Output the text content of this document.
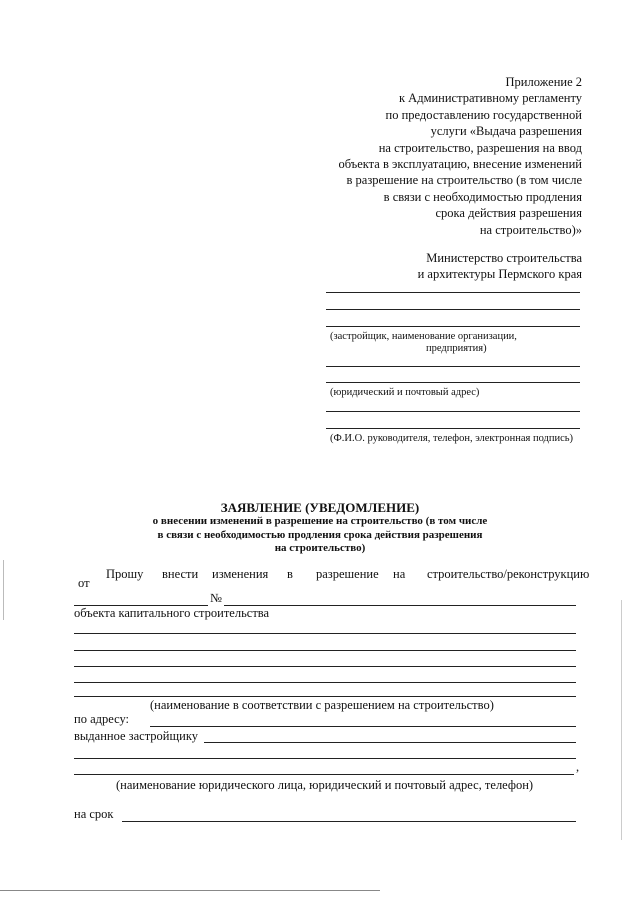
Приложение 2
к Административному регламенту
по предоставлению государственной
услуги «Выдача разрешения
на строительство, разрешения на ввод
объекта в эксплуатацию, внесение изменений
в разрешение на строительство (в том числе
в связи с необходимостью продления
срока действия разрешения
на строительство)»
Министерство строительства
и архитектуры Пермского края
(застройщик, наименование организации,
предприятия)
(юридический и почтовый адрес)
(Ф.И.О. руководителя, телефон, электронная подпись)
ЗАЯВЛЕНИЕ (УВЕДОМЛЕНИЕ)
о внесении изменений в разрешение на строительство (в том числе
в связи с необходимостью продления срока действия разрешения
на строительство)
Прошу внести изменения в разрешение на строительство/реконструкцию
от
№
объекта капитального строительства
(наименование в соответствии с разрешением на строительство)
по адресу:
выданное застройщику
,
(наименование юридического лица, юридический и почтовый адрес, телефон)
на срок
